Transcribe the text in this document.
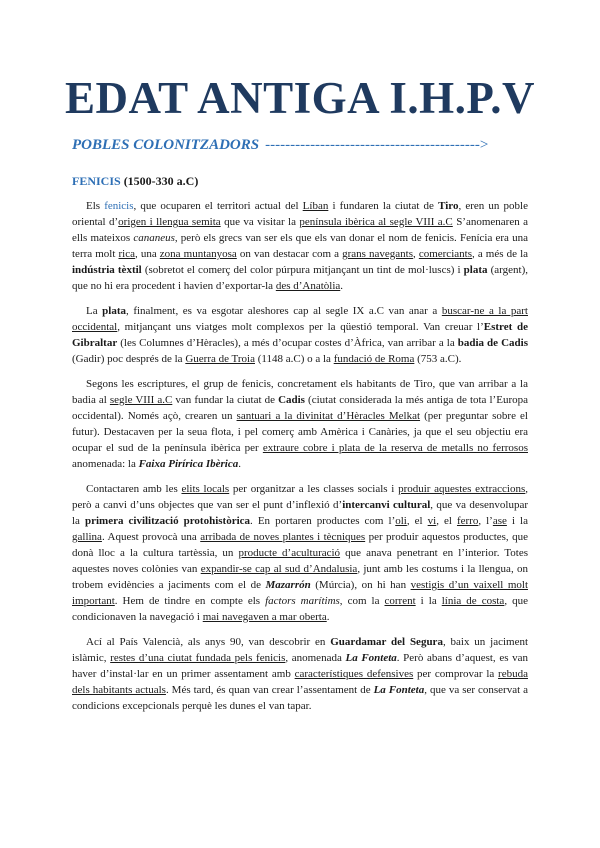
EDAT ANTIGA I.H.P.V
POBLES COLONITZADORS ------------------------------------------->
FENICIS (1500-330 a.C)

Els fenicis, que ocuparen el territori actual del Líban i fundaren la ciutat de Tiro, eren un poble oriental d’origen i llengua semita que va visitar la península ibèrica al segle VIII a.C S’anomenaren a ells mateixos cananeus, però els grecs van ser els que els van donar el nom de fenicis. Fenícia era una terra molt rica, una zona muntanyosa on van destacar com a grans navegants, comerciants, a més de la indústria tèxtil (sobretot el comerç del color púrpura mitjançant un tint de mol·luscs) i plata (argent), que no hi era procedent i havien d’exportar-la des d’Anatòlia.

La plata, finalment, es va esgotar aleshores cap al segle IX a.C van anar a buscar-ne a la part occidental, mitjançant uns viatges molt complexos per la qüestió temporal. Van creuar l’Estret de Gibraltar (les Columnes d’Hèracles), a més d’ocupar costes d’Àfrica, van arribar a la badia de Cadis (Gadir) poc després de la Guerra de Troia (1148 a.C) o a la fundació de Roma (753 a.C).

Segons les escriptures, el grup de fenicis, concretament els habitants de Tiro, que van arribar a la badia al segle VIII a.C van fundar la ciutat de Cadis (ciutat considerada la més antiga de tota l’Europa occidental). Només açò, crearen un santuari a la divinitat d’Hèracles Melkat (per preguntar sobre el futur). Destacaven per la seua flota, i pel comerç amb Amèrica i Canàries, ja que el seu objectiu era ocupar el sud de la península ibèrica per extraure cobre i plata de la reserva de metalls no ferrosos anomenada: la Faixa Pirírica Ibèrica.

Contactaren amb les elits locals per organitzar a les classes socials i produir aquestes extraccions, però a canvi d’uns objectes que van ser el punt d’inflexió d’intercanvi cultural, que va desenvolupar la primera civilització protohistòrica. En portaren productes com l’oli, el vi, el ferro, l’ase i la gallina. Aquest provocà una arribada de noves plantes i tècniques per produir aquestos productes, que donà lloc a la cultura tartèssia, un producte d’aculturació que anava penetrant en l’interior. Totes aquestes noves colònies van expandir-se cap al sud d’Andalusia, junt amb les costums i la llengua, on trobem evidències a jaciments com el de Mazarrón (Múrcia), on hi han vestigis d’un vaixell molt important. Hem de tindre en compte els factors marítims, com la corrent i la línia de costa, que condicionaven la navegació i mai navegaven a mar oberta.

Ací al País Valencià, als anys 90, van descobrir en Guardamar del Segura, baix un jaciment islàmic, restes d’una ciutat fundada pels fenicis, anomenada La Fonteta. Però abans d’aquest, es van haver d’instal·lar en un primer assentament amb característiques defensives per comprovar la rebuda dels habitants actuals. Més tard, és quan van crear l’assentament de La Fonteta, que va ser conservat a condicions excepcionals perquè les dunes el van tapar.
